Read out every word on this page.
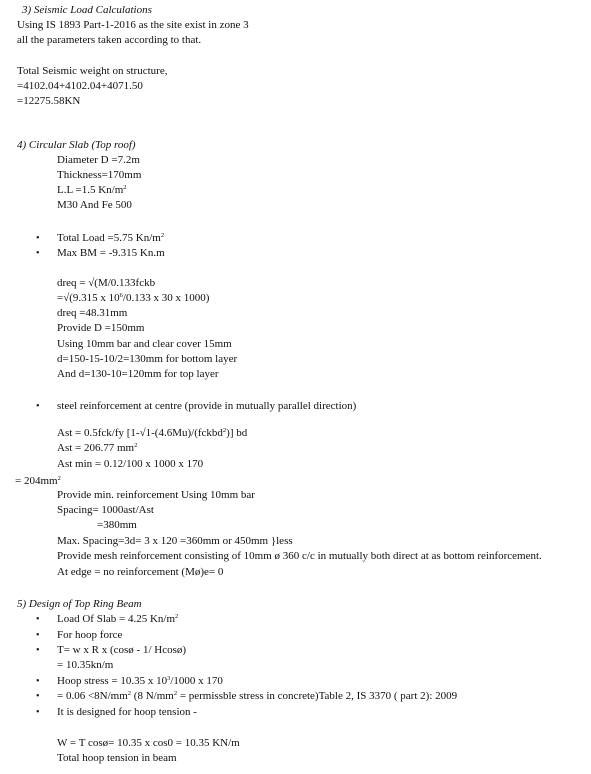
3) Seismic Load Calculations
Using IS 1893 Part-1-2016 as the site exist in zone 3
all the parameters taken according to that.
Total Seismic weight on structure,
=4102.04+4102.04+4071.50
=12275.58KN
4) Circular Slab (Top roof)
Diameter D =7.2m
Thickness=170mm
L.L =1.5 $Kn/m^2$
M30 And Fe 500
• Total Load =5.75 $Kn/m^2$
• Max BM = -9.315 Kn.m
dreq = √(M/0.133fckb
=√(9.315 x $10^6/0.133$ x 30 x 1000)
dreq =48.31mm
Provide D =150mm
Using 10mm bar and clear cover 15mm
d=150-15-10/2=130mm for bottom layer
And d=130-10=120mm for top layer
• steel reinforcement at centre (provide in mutually parallel direction)
Ast = 0.5fck/fy [1-√1-(4.6Mu)/(fckbd$^2$)] bd
Ast = 206.77 $mm^2$
Ast min = 0.12/100 x 1000 x 170
= $204mm^2$
Provide min. reinforcement Using 10mm bar
Spacing= 1000ast/Ast
=380mm
Max. Spacing=3d= 3 x 120 =360mm or 450mm }less
Provide mesh reinforcement consisting of 10mm ø 360 c/c in mutually both direct at as bottom reinforcement.
At edge = no reinforcement (Mø)e= 0
5) Design of Top Ring Beam
• Load Of Slab = 4.25 $Kn/m^2$
• For hoop force
• T= w x R x (cosø - 1/ Hcosø)
= 10.35kn/m
• Hoop stress = 10.35 x $10^3/1000$ x 170
• = $0.06 <8N/mm^2$ (8 $N/mm^2$ = permissble stress in concrete)Table 2, IS 3370 ( part 2): 2009
• It is designed for hoop tension -
W = T cosø= 10.35 x cos0 = 10.35 KN/m
Total hoop tension in beam
